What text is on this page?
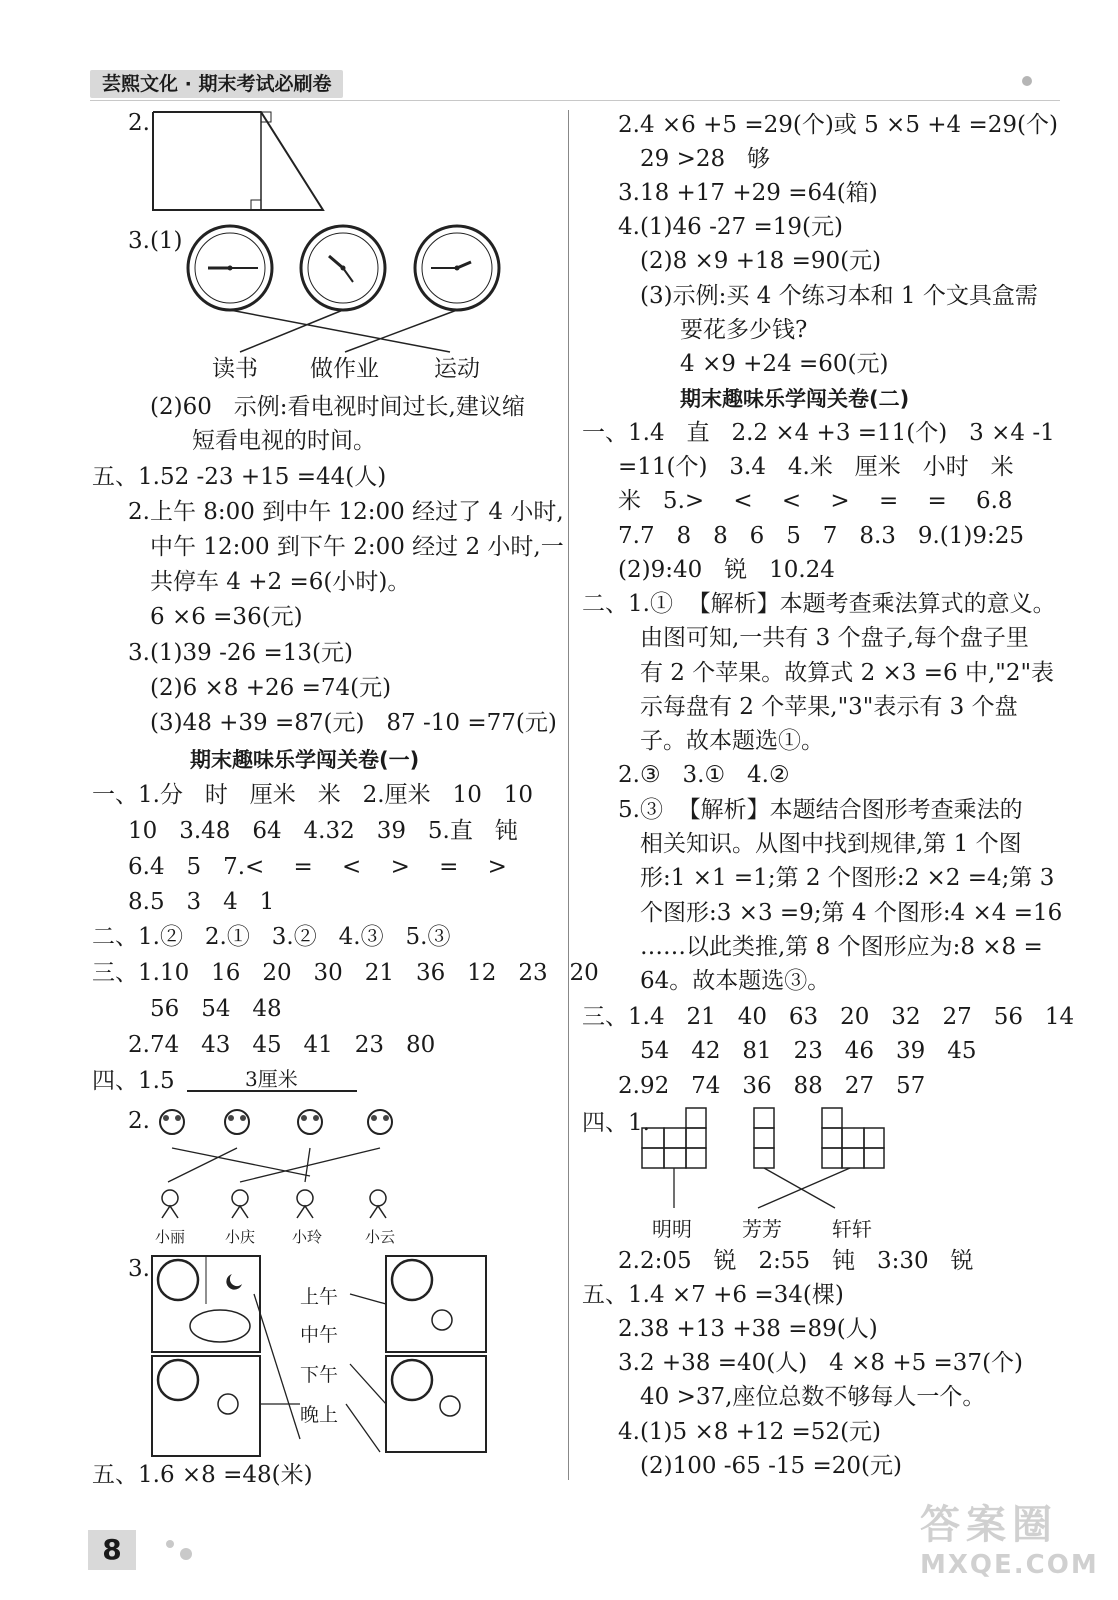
芸熙文化 · 期末考试必刷卷
2.
3.(1)
读书 做作业 运动
(2)60   示例:看电视时间过长,建议缩
短看电视的时间。
五、1.52 -23 +15 =44(人)
2.上午 8:00 到中午 12:00 经过了 4 小时,
中午 12:00 到下午 2:00 经过 2 小时,一
共停车 4 +2 =6(小时)。
6 ×6 =36(元)
3.(1)39 -26 =13(元)
(2)6 ×8 +26 =74(元)
(3)48 +39 =87(元)   87 -10 =77(元)
期末趣味乐学闯关卷(一)
一、1.分   时   厘米   米   2.厘米   10   10
10   3.48   64   4.32   39   5.直   钝
6.4   5   7.<    =    <    >    =    >
8.5   3   4   1
二、1.②   2.①   3.②   4.③   5.③
三、1.10   16   20   30   21   36   12   23   20
56   54   48
2.74   43   45   41   23   80
四、1.5	3厘米
2.
小丽	小庆 小玲	小云
3.
上午
中午
下午
晚上
五、1.6 ×8 =48(米)
2.4 ×6 +5 =29(个)或 5 ×5 +4 =29(个)
29 >28   够
3.18 +17 +29 =64(箱)
4.(1)46 -27 =19(元)
(2)8 ×9 +18 =90(元)
(3)示例:买 4 个练习本和 1 个文具盒需
要花多少钱?
4 ×9 +24 =60(元)
期末趣味乐学闯关卷(二)
一、1.4   直   2.2 ×4 +3 =11(个)   3 ×4 -1
=11(个)   3.4   4.米   厘米   小时   米
米   5.>    <    <    >    =    =    6.8
7.7   8   8   6   5   7   8.3   9.(1)9:25
(2)9:40   锐   10.24
二、1.①  【解析】本题考查乘法算式的意义。
由图可知,一共有 3 个盘子,每个盘子里
有 2 个苹果。故算式 2 ×3 =6 中,"2"表
示每盘有 2 个苹果,"3"表示有 3 个盘
子。故本题选①。
2.③   3.①   4.②
5.③  【解析】本题结合图形考查乘法的
相关知识。从图中找到规律,第 1 个图
形:1 ×1 =1;第 2 个图形:2 ×2 =4;第 3
个图形:3 ×3 =9;第 4 个图形:4 ×4 =16
……以此类推,第 8 个图形应为:8 ×8 =
64。故本题选③。
三、1.4   21   40   63   20   32   27   56   14
54   42   81   23   46   39   45
2.92   74   36   88   27   57
四、1.
明明	芳芳	轩轩
2.2:05   锐   2:55   钝   3:30   锐
五、1.4 ×7 +6 =34(棵)
2.38 +13 +38 =89(人)
3.2 +38 =40(人)   4 ×8 +5 =37(个)
40 >37,座位总数不够每人一个。
4.(1)5 ×8 +12 =52(元)
(2)100 -65 -15 =20(元)
8
答案圈
MXQE.COM
